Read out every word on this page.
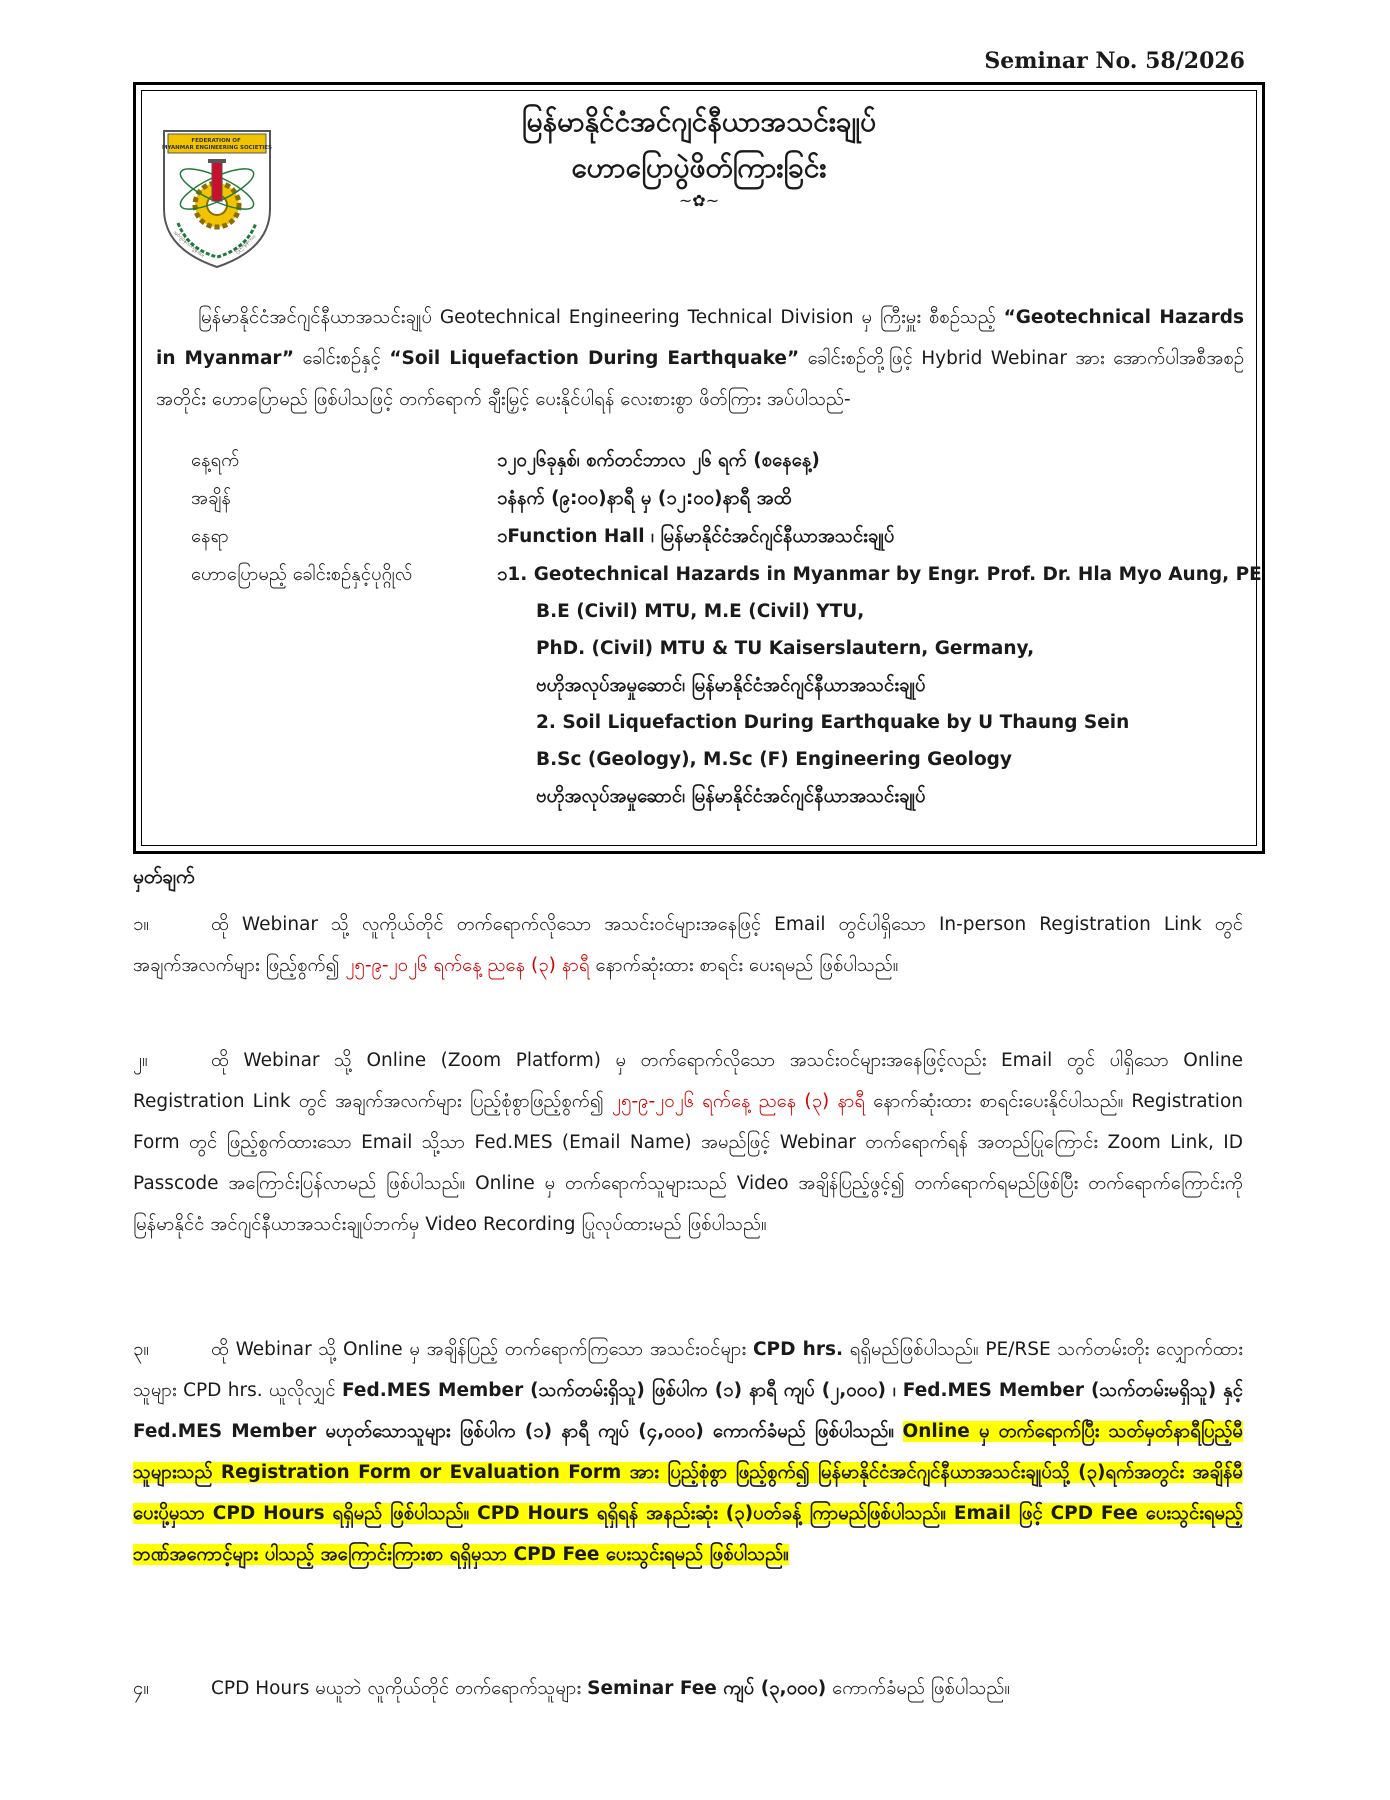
Seminar No. 58/2026
FEDERATION OF MYANMAR ENGINEERING SOCIETIES
အင်ဂျင်နီယာကွန်အား	ပြည်ထွန်းကား
မြန်မာနိုင်ငံအင်ဂျင်နီယာအသင်းချုပ်
ဟောပြောပွဲဖိတ်ကြားခြင်း
~✿~
မြန်မာနိုင်ငံအင်ဂျင်နီယာအသင်းချုပ် Geotechnical Engineering Technical Division မှ ကြီးမှူး စီစဉ်သည့် “Geotechnical Hazards in Myanmar” ခေါင်းစဉ်နှင့် “Soil Liquefaction During Earthquake” ခေါင်းစဉ်တို့ဖြင့် Hybrid Webinar အား အောက်ပါအစီအစဉ်အတိုင်း ဟောပြောမည် ဖြစ်ပါသဖြင့် တက်ရောက် ချီးမြှင့် ပေးနိုင်ပါရန် လေးစားစွာ ဖိတ်ကြား အပ်ပါသည်-
နေ့ရက်	၁၂၀၂၆ခုနှစ်၊ စက်တင်ဘာလ ၂၆ ရက် (စနေနေ့)
အချိန်	၁နံနက် (၉:၀၀)နာရီ မှ (၁၂:၀၀)နာရီ အထိ
နေရာ	၁Function Hall ၊ မြန်မာနိုင်ငံအင်ဂျင်နီယာအသင်းချုပ်
ဟောပြောမည့် ခေါင်းစဉ်နှင့်ပုဂ္ဂိုလ်	၁1. Geotechnical Hazards in Myanmar by Engr. Prof. Dr. Hla Myo Aung, PE
B.E (Civil) MTU, M.E (Civil) YTU,
PhD. (Civil) MTU & TU Kaiserslautern, Germany,
ဗဟိုအလုပ်အမှုဆောင်၊ မြန်မာနိုင်ငံအင်ဂျင်နီယာအသင်းချုပ်
2. Soil Liquefaction During Earthquake by U Thaung Sein
B.Sc (Geology), M.Sc (F) Engineering Geology
ဗဟိုအလုပ်အမှုဆောင်၊ မြန်မာနိုင်ငံအင်ဂျင်နီယာအသင်းချုပ်
မှတ်ချက်
၁။	ထို Webinar သို့ လူကိုယ်တိုင် တက်ရောက်လိုသော အသင်းဝင်များအနေဖြင့် Email တွင်ပါရှိသော In-person Registration Link တွင် အချက်အလက်များ ဖြည့်စွက်၍ ၂၅-၉-၂၀၂၆ ရက်နေ့ ညနေ (၃) နာရီ နောက်ဆုံးထား စာရင်း ပေးရမည် ဖြစ်ပါသည်။
၂။	ထို Webinar သို့ Online (Zoom Platform) မှ တက်ရောက်လိုသော အသင်းဝင်များအနေဖြင့်လည်း Email တွင် ပါရှိသော Online Registration Link တွင် အချက်အလက်များ ပြည့်စုံစွာဖြည့်စွက်၍ ၂၅-၉-၂၀၂၆ ရက်နေ့ ညနေ (၃) နာရီ နောက်ဆုံးထား စာရင်းပေးနိုင်ပါသည်။ Registration Form တွင် ဖြည့်စွက်ထားသော Email သို့သာ Fed.MES (Email Name) အမည်ဖြင့် Webinar တက်ရောက်ရန် အတည်ပြုကြောင်း Zoom Link, ID Passcode အကြောင်းပြန်လာမည် ဖြစ်ပါသည်။ Online မှ တက်ရောက်သူများသည် Video အချိန်ပြည့်ဖွင့်၍ တက်ရောက်ရမည်ဖြစ်ပြီး တက်ရောက်ကြောင်းကို မြန်မာနိုင်ငံ အင်ဂျင်နီယာအသင်းချုပ်ဘက်မှ Video Recording ပြုလုပ်ထားမည် ဖြစ်ပါသည်။
၃။	ထို Webinar သို့ Online မှ အချိန်ပြည့် တက်ရောက်ကြသော အသင်းဝင်များ CPD hrs. ရရှိမည်ဖြစ်ပါသည်။ PE/RSE သက်တမ်းတိုး လျှောက်ထားသူများ CPD hrs. ယူလိုလျှင် Fed.MES Member (သက်တမ်းရှိသူ) ဖြစ်ပါက (၁) နာရီ ကျပ် (၂,၀၀၀) ၊ Fed.MES Member (သက်တမ်းမရှိသူ) နှင့် Fed.MES Member မဟုတ်သောသူများ ဖြစ်ပါက (၁) နာရီ ကျပ် (၄,၀၀၀) ကောက်ခံမည် ဖြစ်ပါသည်။ Online မှ တက်ရောက်ပြီး သတ်မှတ်နာရီပြည့်မီသူများသည် Registration Form or Evaluation Form အား ပြည့်စုံစွာ ဖြည့်စွက်၍ မြန်မာနိုင်ငံအင်ဂျင်နီယာအသင်းချုပ်သို့ (၃)ရက်အတွင်း အချိန်မီ ပေးပို့မှသာ CPD Hours ရရှိမည် ဖြစ်ပါသည်။ CPD Hours ရရှိရန် အနည်းဆုံး (၃)ပတ်ခန့် ကြာမည်ဖြစ်ပါသည်။ Email ဖြင့် CPD Fee ပေးသွင်းရမည့် ဘဏ်အကောင့်များ ပါသည့် အကြောင်းကြားစာ ရရှိမှသာ CPD Fee ပေးသွင်းရမည် ဖြစ်ပါသည်။
၄။	CPD Hours မယူဘဲ လူကိုယ်တိုင် တက်ရောက်သူများ Seminar Fee ကျပ် (၃,၀၀၀) ကောက်ခံမည် ဖြစ်ပါသည်။
